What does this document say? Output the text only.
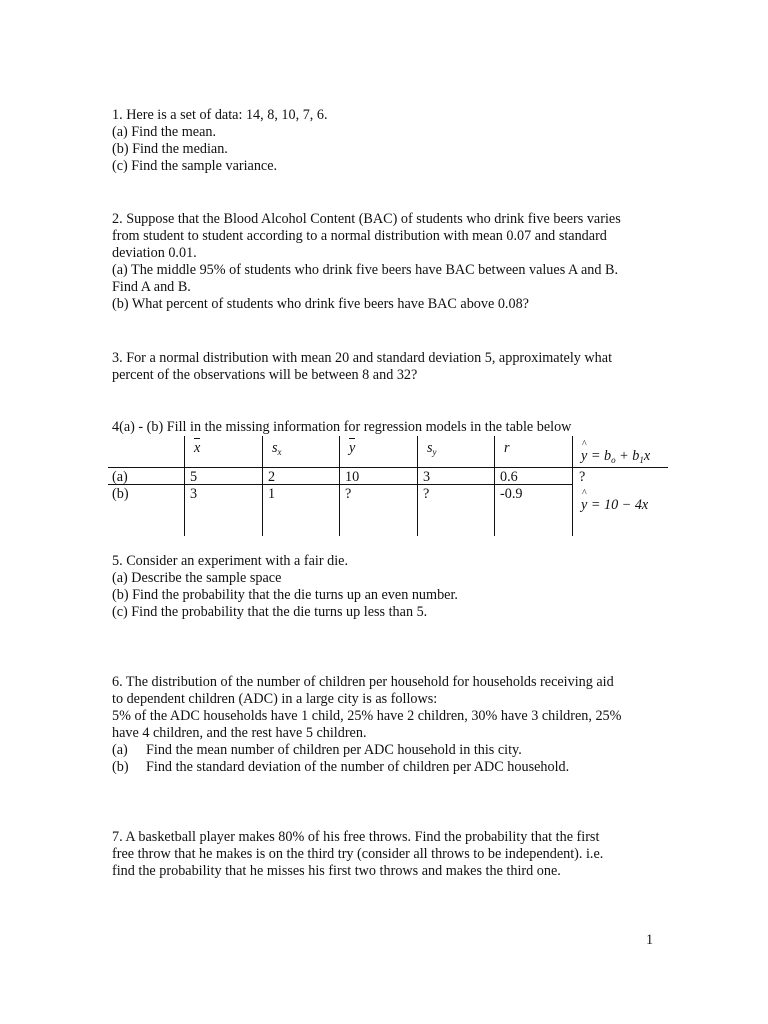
1. Here is a set of data: 14, 8, 10, 7, 6.
(a) Find the mean.
(b) Find the median.
(c) Find the sample variance.
2. Suppose that the Blood Alcohol Content (BAC) of students who drink five beers varies
from student to student according to a normal distribution with mean 0.07 and standard
deviation 0.01.
(a) The middle 95% of students who drink five beers have BAC between values A and B.
Find A and B.
(b) What percent of students who drink five beers have BAC above 0.08?
3. For a normal distribution with mean 20 and standard deviation 5, approximately what
percent of the observations will be between 8 and 32?
4(a) - (b) Fill in the missing information for regression models in the table below
x	$s_x$	y	$s_y$	r
^	$y = b_o + b_1x$
(a)	5	2	10	3	0.6	?
(b)	3	1	?	?	-0.9
^ y = 10 − 4x
5. Consider an experiment with a fair die.
(a) Describe the sample space
(b) Find the probability that the die turns up an even number.
(c) Find the probability that the die turns up less than 5.
6. The distribution of the number of children per household for households receiving aid
to dependent children (ADC) in a large city is as follows:
5% of the ADC households have 1 child, 25% have 2 children, 30% have 3 children, 25%
have 4 children, and the rest have 5 children.
(a) Find the mean number of children per ADC household in this city.
(b) Find the standard deviation of the number of children per ADC household.
7. A basketball player makes 80% of his free throws. Find the probability that the first
free throw that he makes is on the third try (consider all throws to be independent). i.e.
find the probability that he misses his first two throws and makes the third one.
1
